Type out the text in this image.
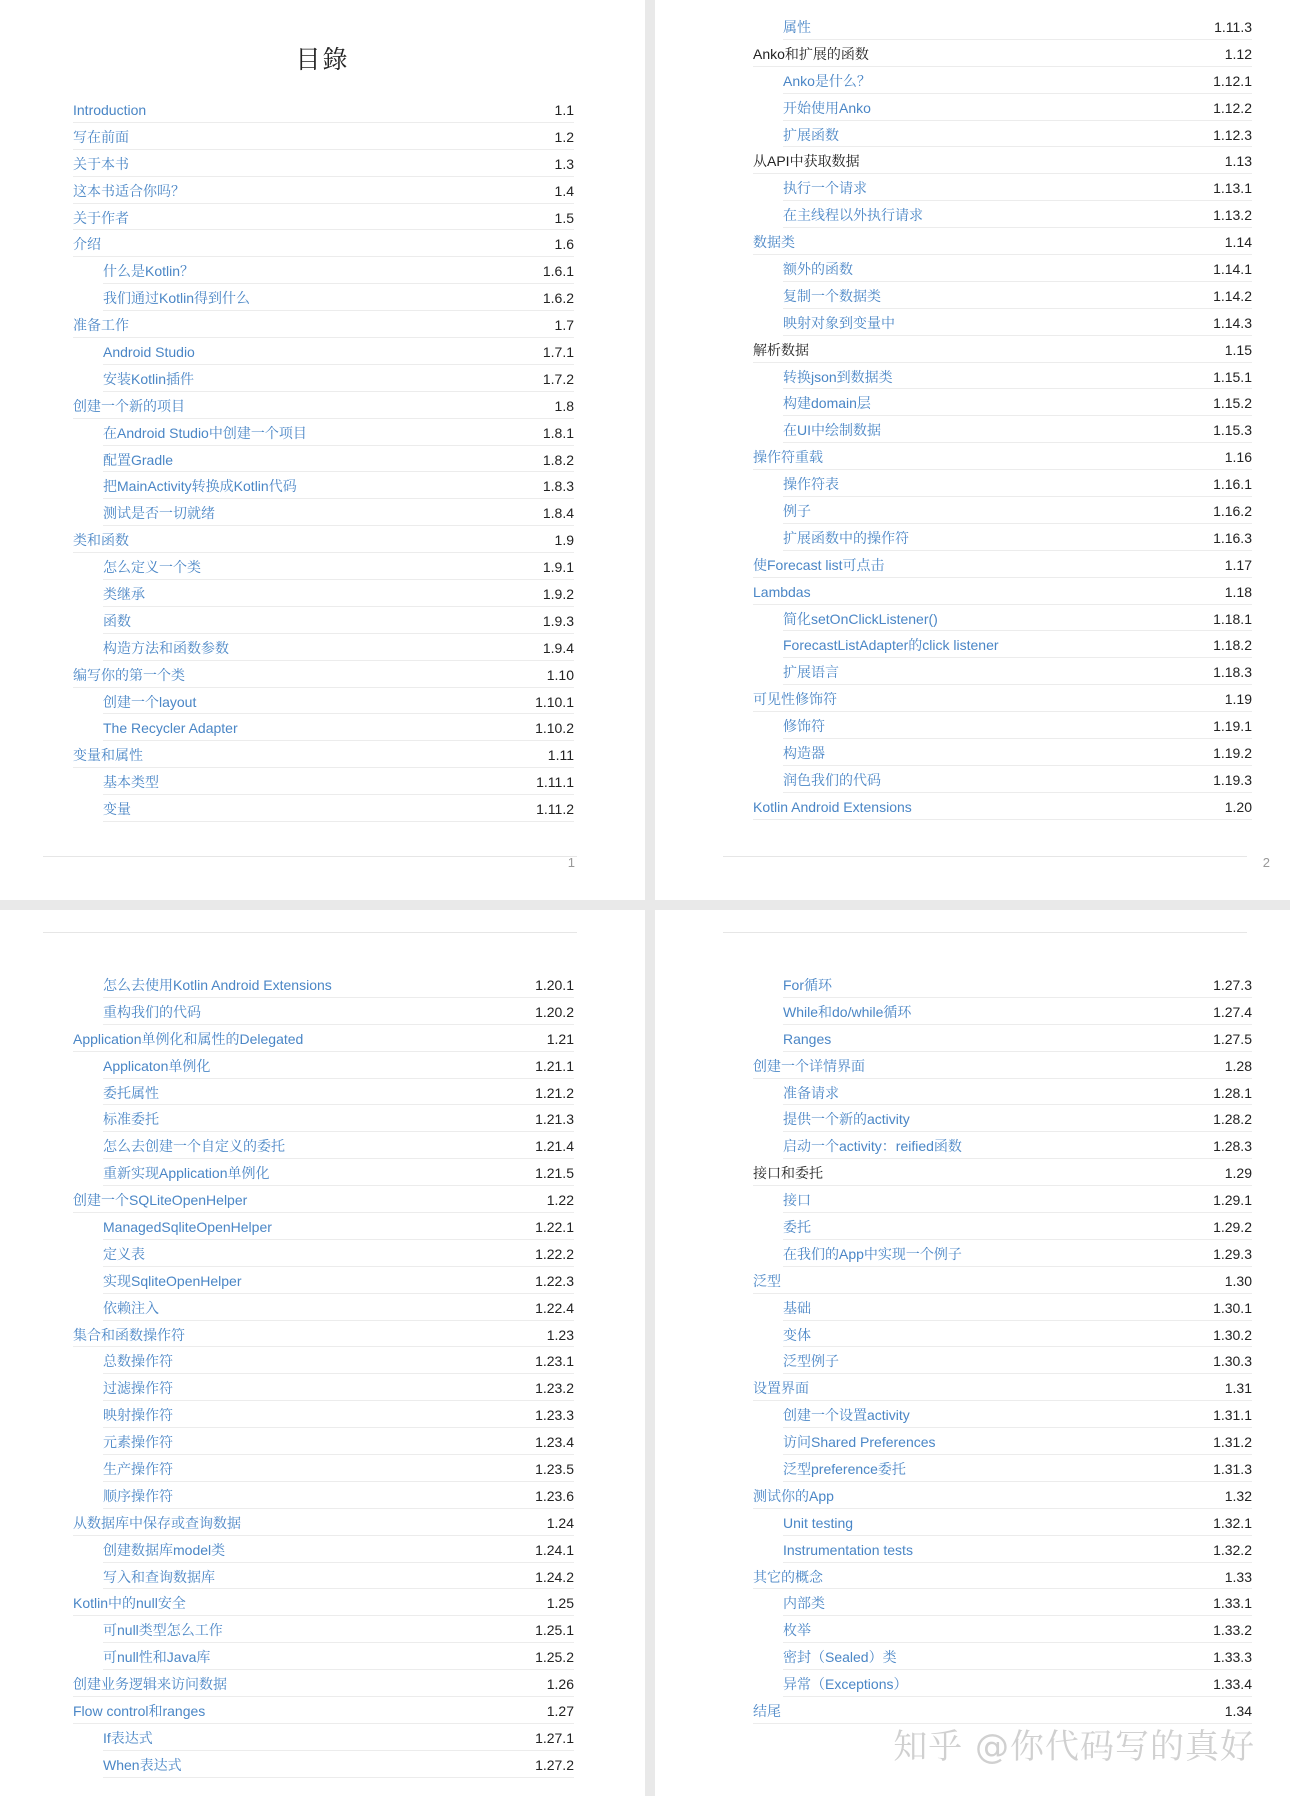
目錄
Introduction	1.1
写在前面	1.2
关于本书	1.3
这本书适合你吗？	1.4
关于作者	1.5
介绍	1.6
什么是Kotlin？	1.6.1
我们通过Kotlin得到什么	1.6.2
准备工作	1.7
Android Studio	1.7.1
安装Kotlin插件	1.7.2
创建一个新的项目	1.8
在Android Studio中创建一个项目	1.8.1
配置Gradle	1.8.2
把MainActivity转换成Kotlin代码	1.8.3
测试是否一切就绪	1.8.4
类和函数	1.9
怎么定义一个类	1.9.1
类继承	1.9.2
函数	1.9.3
构造方法和函数参数	1.9.4
编写你的第一个类	1.10
创建一个layout	1.10.1
The Recycler Adapter	1.10.2
变量和属性	1.11
基本类型	1.11.1
变量	1.11.2
1
属性	1.11.3
Anko和扩展的函数	1.12
Anko是什么？	1.12.1
开始使用Anko	1.12.2
扩展函数	1.12.3
从API中获取数据	1.13
执行一个请求	1.13.1
在主线程以外执行请求	1.13.2
数据类	1.14
额外的函数	1.14.1
复制一个数据类	1.14.2
映射对象到变量中	1.14.3
解析数据	1.15
转换json到数据类	1.15.1
构建domain层	1.15.2
在UI中绘制数据	1.15.3
操作符重载	1.16
操作符表	1.16.1
例子	1.16.2
扩展函数中的操作符	1.16.3
使Forecast list可点击	1.17
Lambdas	1.18
简化setOnClickListener()	1.18.1
ForecastListAdapter的click listener	1.18.2
扩展语言	1.18.3
可见性修饰符	1.19
修饰符	1.19.1
构造器	1.19.2
润色我们的代码	1.19.3
Kotlin Android Extensions	1.20
2
怎么去使用Kotlin Android Extensions	1.20.1
重构我们的代码	1.20.2
Application单例化和属性的Delegated	1.21
Applicaton单例化	1.21.1
委托属性	1.21.2
标准委托	1.21.3
怎么去创建一个自定义的委托	1.21.4
重新实现Application单例化	1.21.5
创建一个SQLiteOpenHelper	1.22
ManagedSqliteOpenHelper	1.22.1
定义表	1.22.2
实现SqliteOpenHelper	1.22.3
依赖注入	1.22.4
集合和函数操作符	1.23
总数操作符	1.23.1
过滤操作符	1.23.2
映射操作符	1.23.3
元素操作符	1.23.4
生产操作符	1.23.5
顺序操作符	1.23.6
从数据库中保存或查询数据	1.24
创建数据库model类	1.24.1
写入和查询数据库	1.24.2
Kotlin中的null安全	1.25
可null类型怎么工作	1.25.1
可null性和Java库	1.25.2
创建业务逻辑来访问数据	1.26
Flow control和ranges	1.27
If表达式	1.27.1
When表达式	1.27.2
For循环	1.27.3
While和do/while循环	1.27.4
Ranges	1.27.5
创建一个详情界面	1.28
准备请求	1.28.1
提供一个新的activity	1.28.2
启动一个activity：reified函数	1.28.3
接口和委托	1.29
接口	1.29.1
委托	1.29.2
在我们的App中实现一个例子	1.29.3
泛型	1.30
基础	1.30.1
变体	1.30.2
泛型例子	1.30.3
设置界面	1.31
创建一个设置activity	1.31.1
访问Shared Preferences	1.31.2
泛型preference委托	1.31.3
测试你的App	1.32
Unit testing	1.32.1
Instrumentation tests	1.32.2
其它的概念	1.33
内部类	1.33.1
枚举	1.33.2
密封（Sealed）类	1.33.3
异常（Exceptions）	1.33.4
结尾	1.34
知乎 @你代码写的真好
